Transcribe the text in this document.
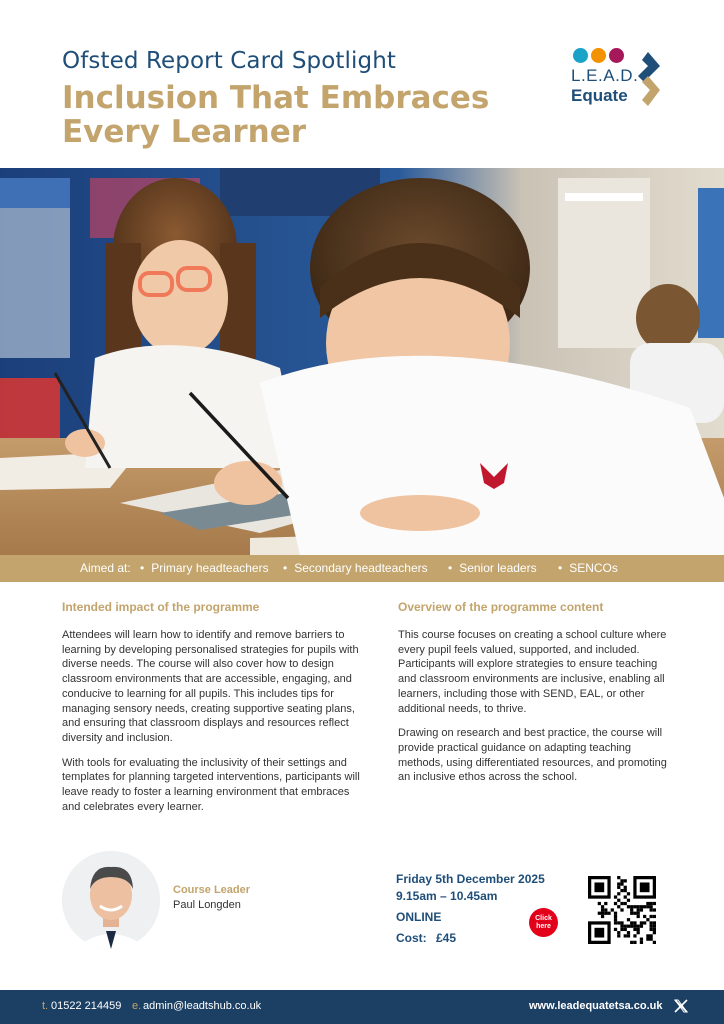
Ofsted Report Card Spotlight
Inclusion That Embraces Every Learner
L.E.A.D.
Equate
Aimed at:	• Primary headteachers	• Secondary headteachers	• Senior leaders	• SENCOs
Intended impact of the programme

Attendees will learn how to identify and remove barriers to learning by developing personalised strategies for pupils with diverse needs. The course will also cover how to design classroom environments that are accessible, engaging, and conducive to learning for all pupils. This includes tips for managing sensory needs, creating supportive seating plans, and ensuring that classroom displays and resources reflect diversity and inclusion.

With tools for evaluating the inclusivity of their settings and templates for planning targeted interventions, participants will leave ready to foster a learning environment that embraces and celebrates every learner.

Overview of the programme content

This course focuses on creating a school culture where every pupil feels valued, supported, and included. Participants will explore strategies to ensure teaching and classroom environments are inclusive, enabling all learners, including those with SEND, EAL, or other additional needs, to thrive.

Drawing on research and best practice, the course will provide practical guidance on adapting teaching methods, using differentiated resources, and promoting an inclusive ethos across the school.

Course Leader
Paul Longden
Friday 5th December 2025
9.15am – 10.45am
ONLINE
Cost: £45
Click
here
t. 01522 214459 e. admin@leadtshub.co.uk	www.leadequatetsa.co.uk
